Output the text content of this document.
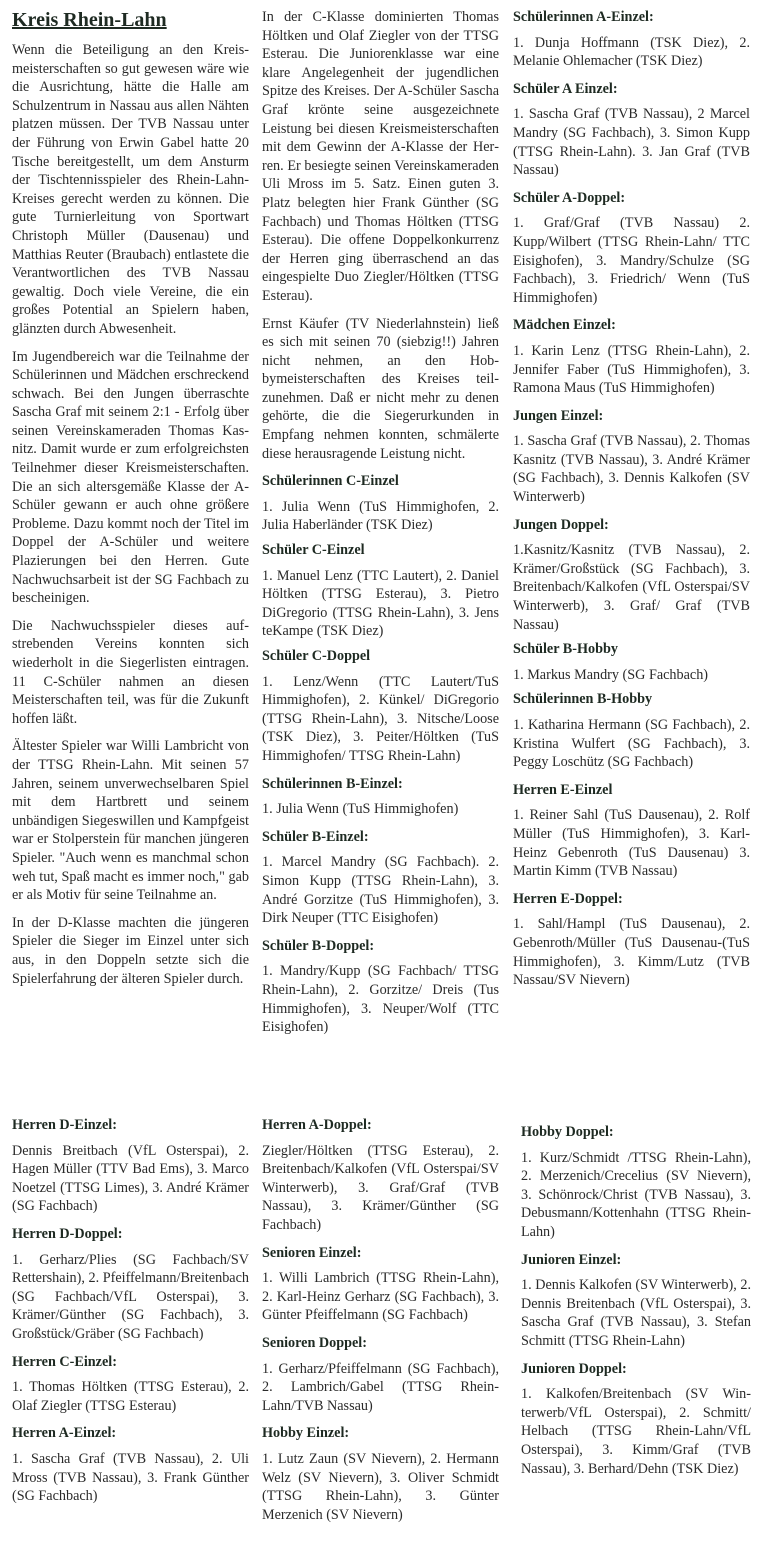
Kreis Rhein-Lahn

Wenn die Beteiligung an den Kreismeisterschaften so gut gewesen wäre wie die Ausrichtung, hätte die Halle am Schulzentrum in Nassau aus allen Nähten platzen müssen. Der TVB Nassau unter der Führung von Erwin Gabel hatte 20 Tische bereitgestellt, um dem Ansturm der Tischtennisspieler des Rhein-Lahn-Kreises gerecht werden zu können. Die gute Turnierleitung von Sportwart Christoph Müller (Dausenau) und Matthias Reuter (Braubach) entlastete die Verantwortlichen des TVB Nassau gewaltig. Doch viele Vereine, die ein großes Potential an Spielern haben, glänzten durch Abwesenheit.

Im Jugendbereich war die Teilnahme der Schülerinnen und Mädchen erschreckend schwach. Bei den Jungen überraschte Sascha Graf mit seinem 2:1 - Erfolg über seinen Vereinskameraden Thomas Kasnitz. Damit wurde er zum erfolgreichsten Teilnehmer dieser Kreismeisterschaften. Die an sich altersgemäße Klasse der A-Schüler gewann er auch ohne größere Probleme. Dazu kommt noch der Titel im Doppel der A-Schüler und weitere Plazierungen bei den Herren. Gute Nachwuchsarbeit ist der SG Fachbach zu bescheinigen.

Die Nachwuchsspieler dieses aufstrebenden Vereins konnten sich wiederholt in die Siegerlisten eintragen. 11 C-Schüler nahmen an diesen Meisterschaften teil, was für die Zukunft hoffen läßt.

Ältester Spieler war Willi Lambricht von der TTSG Rhein-Lahn. Mit seinen 57 Jahren, seinem unverwechselbaren Spiel mit dem Hartbrett und seinem unbändigen Siegeswillen und Kampfgeist war er Stolperstein für manchen jüngeren Spieler. "Auch wenn es manchmal schon weh tut, Spaß macht es immer noch," gab er als Motiv für seine Teilnahme an.

In der D-Klasse machten die jüngeren Spieler die Sieger im Einzel unter sich aus, in den Doppeln setzte sich die Spielerfahrung der älteren Spieler durch.

In der C-Klasse dominierten Thomas Höltken und Olaf Ziegler von der TTSG Esterau. Die Juniorenklasse war eine klare Angelegenheit der jugendlichen Spitze des Kreises. Der A-Schüler Sascha Graf krönte seine ausgezeichnete Leistung bei diesen Kreismeisterschaften mit dem Gewinn der A-Klasse der Herren. Er besiegte seinen Vereinskameraden Uli Mross im 5. Satz. Einen guten 3. Platz belegten hier Frank Günther (SG Fachbach) und Thomas Höltken (TTSG Esterau). Die offene Doppelkonkurrenz der Herren ging überraschend an das eingespielte Duo Ziegler/Höltken (TTSG Esterau).

Ernst Käufer (TV Niederlahnstein) ließ es sich mit seinen 70 (siebzig!!) Jahren nicht nehmen, an den Hobbymeisterschaften des Kreises teilzunehmen. Daß er nicht mehr zu denen gehörte, die die Siegerurkunden in Empfang nehmen konnten, schmälerte diese herausragende Leistung nicht.

Schülerinnen C-Einzel
1. Julia Wenn (TuS Himmighofen, 2. Julia Haberländer (TSK Diez)
Schüler C-Einzel
1. Manuel Lenz (TTC Lautert), 2. Daniel Höltken (TTSG Esterau), 3. Pietro DiGregorio (TTSG Rhein-Lahn), 3. Jens teKampe (TSK Diez)
Schüler C-Doppel
1. Lenz/Wenn (TTC Lautert/TuS Himmighofen), 2. Künkel/ DiGregorio (TTSG Rhein-Lahn), 3. Nitsche/Loose (TSK Diez), 3. Peiter/Höltken (TuS Himmighofen/ TTSG Rhein-Lahn)
Schülerinnen B-Einzel:
1. Julia Wenn (TuS Himmighofen)
Schüler B-Einzel:
1. Marcel Mandry (SG Fachbach). 2. Simon Kupp (TTSG Rhein-Lahn), 3. André Gorzitze (TuS Himmighofen), 3. Dirk Neuper (TTC Eisighofen)
Schüler B-Doppel:
1. Mandry/Kupp (SG Fachbach/ TTSG Rhein-Lahn), 2. Gorzitze/ Dreis (Tus Himmighofen), 3. Neuper/Wolf (TTC Eisighofen)
Schülerinnen A-Einzel:
1. Dunja Hoffmann (TSK Diez), 2. Melanie Ohlemacher (TSK Diez)
Schüler A Einzel:
1. Sascha Graf (TVB Nassau), 2 Marcel Mandry (SG Fachbach), 3. Simon Kupp (TTSG Rhein-Lahn). 3. Jan Graf (TVB Nassau)
Schüler A-Doppel:
1. Graf/Graf (TVB Nassau) 2. Kupp/Wilbert (TTSG Rhein-Lahn/ TTC Eisighofen), 3. Mandry/Schulze (SG Fachbach), 3. Friedrich/ Wenn (TuS Himmighofen)
Mädchen Einzel:
1. Karin Lenz (TTSG Rhein-Lahn), 2. Jennifer Faber (TuS Himmighofen), 3. Ramona Maus (TuS Himmighofen)
Jungen Einzel:
1. Sascha Graf (TVB Nassau), 2. Thomas Kasnitz (TVB Nassau), 3. André Krämer (SG Fachbach), 3. Dennis Kalkofen (SV Winterwerb)
Jungen Doppel:
1.Kasnitz/Kasnitz (TVB Nassau), 2. Krämer/Großstück (SG Fachbach), 3. Breitenbach/Kalkofen (VfL Osterspai/SV Winterwerb), 3. Graf/ Graf (TVB Nassau)
Schüler B-Hobby
1. Markus Mandry (SG Fachbach)
Schülerinnen B-Hobby
1. Katharina Hermann (SG Fachbach), 2. Kristina Wulfert (SG Fachbach), 3. Peggy Loschütz (SG Fachbach)
Herren E-Einzel
1. Reiner Sahl (TuS Dausenau), 2. Rolf Müller (TuS Himmighofen), 3. Karl-Heinz Gebenroth (TuS Dausenau) 3. Martin Kimm (TVB Nassau)
Herren E-Doppel:
1. Sahl/Hampl (TuS Dausenau), 2. Gebenroth/Müller (TuS Dausenau-(TuS Himmighofen), 3. Kimm/Lutz (TVB Nassau/SV Nievern)
Herren D-Einzel:
Dennis Breitbach (VfL Osterspai), 2. Hagen Müller (TTV Bad Ems), 3. Marco Noetzel (TTSG Limes), 3. André Krämer (SG Fachbach)
Herren D-Doppel:
1. Gerharz/Plies (SG Fachbach/SV Rettershain), 2. Pfeiffelmann/Breitenbach (SG Fachbach/VfL Osterspai), 3. Krämer/Günther (SG Fachbach), 3. Großstück/Gräber (SG Fachbach)
Herren C-Einzel:
1. Thomas Höltken (TTSG Esterau), 2. Olaf Ziegler (TTSG Esterau)
Herren A-Einzel:
1. Sascha Graf (TVB Nassau), 2. Uli Mross (TVB Nassau), 3. Frank Günther (SG Fachbach)
Herren A-Doppel:
Ziegler/Höltken (TTSG Esterau), 2. Breitenbach/Kalkofen (VfL Osterspai/SV Winterwerb), 3. Graf/Graf (TVB Nassau), 3. Krämer/Günther (SG Fachbach)
Senioren Einzel:
1. Willi Lambrich (TTSG Rhein-Lahn), 2. Karl-Heinz Gerharz (SG Fachbach), 3. Günter Pfeiffelmann (SG Fachbach)
Senioren Doppel:
1. Gerharz/Pfeiffelmann (SG Fachbach), 2. Lambrich/Gabel (TTSG Rhein-Lahn/TVB Nassau)
Hobby Einzel:
1. Lutz Zaun (SV Nievern), 2. Hermann Welz (SV Nievern), 3. Oliver Schmidt (TTSG Rhein-Lahn), 3. Günter Merzenich (SV Nievern)
Hobby Doppel:
1. Kurz/Schmidt /TTSG Rhein-Lahn), 2. Merzenich/Crecelius (SV Nievern), 3. Schönrock/Christ (TVB Nassau), 3. Debusmann/Kottenhahn (TTSG Rhein-Lahn)
Junioren Einzel:
1. Dennis Kalkofen (SV Winterwerb), 2. Dennis Breitenbach (VfL Osterspai), 3. Sascha Graf (TVB Nassau), 3. Stefan Schmitt (TTSG Rhein-Lahn)
Junioren Doppel:
1. Kalkofen/Breitenbach (SV Winterwerb/VfL Osterspai), 2. Schmitt/ Helbach (TTSG Rhein-Lahn/VfL Osterspai), 3. Kimm/Graf (TVB Nassau), 3. Berhard/Dehn (TSK Diez)
